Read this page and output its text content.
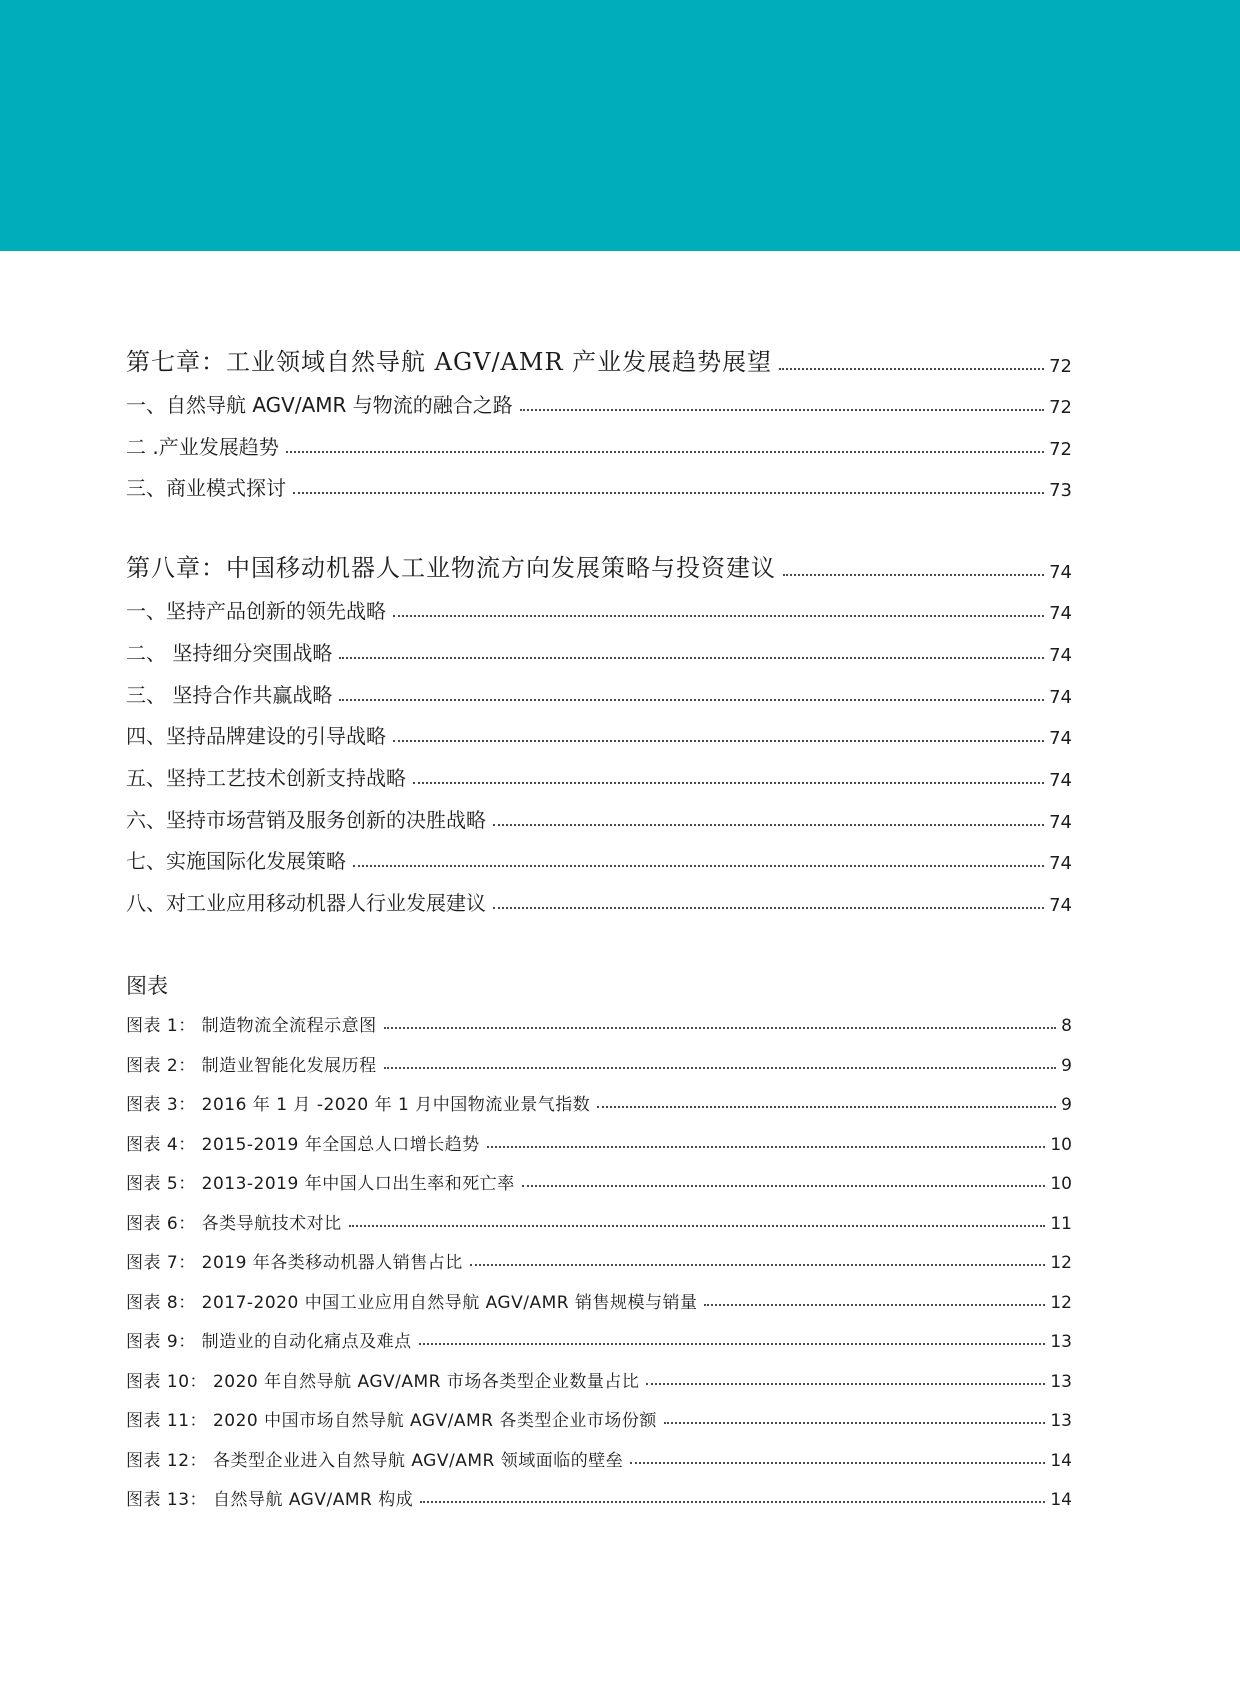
第七章：工业领域自然导航 AGV/AMR 产业发展趋势展望	72
一、自然导航 AGV/AMR 与物流的融合之路	72
二 .产业发展趋势	72
三、商业模式探讨	73
第八章：中国移动机器人工业物流方向发展策略与投资建议	74
一、坚持产品创新的领先战略	74
二、 坚持细分突围战略	74
三、 坚持合作共赢战略	74
四、坚持品牌建设的引导战略	74
五、坚持工艺技术创新支持战略	74
六、坚持市场营销及服务创新的决胜战略	74
七、实施国际化发展策略	74
八、对工业应用移动机器人行业发展建议	74
图表
图表 1： 制造物流全流程示意图	8
图表 2： 制造业智能化发展历程	9
图表 3： 2016 年 1 月 -2020 年 1 月中国物流业景气指数	9
图表 4： 2015-2019 年全国总人口增长趋势	10
图表 5： 2013-2019 年中国人口出生率和死亡率	10
图表 6： 各类导航技术对比	11
图表 7： 2019 年各类移动机器人销售占比	12
图表 8： 2017-2020 中国工业应用自然导航 AGV/AMR 销售规模与销量	12
图表 9： 制造业的自动化痛点及难点	13
图表 10： 2020 年自然导航 AGV/AMR 市场各类型企业数量占比	13
图表 11： 2020 中国市场自然导航 AGV/AMR 各类型企业市场份额	13
图表 12： 各类型企业进入自然导航 AGV/AMR 领域面临的壁垒	14
图表 13： 自然导航 AGV/AMR 构成	14
